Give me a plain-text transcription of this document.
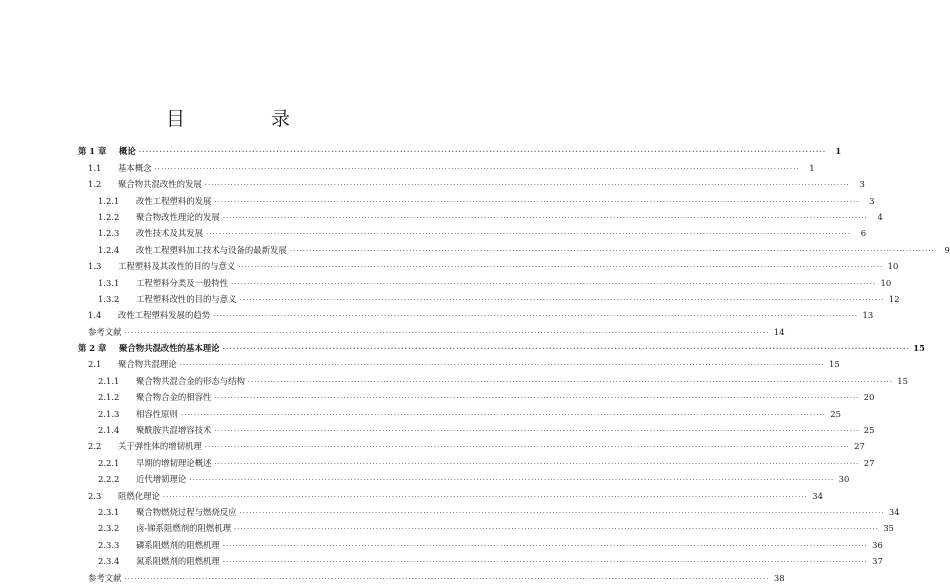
目 录
第 1 章	概论 ········································································································································································································	1
1.1	基本概念 ········································································································································································································	1
1.2	聚合物共混改性的发展 ········································································································································································································	3
1.2.1	改性工程塑料的发展 ········································································································································································································	3
1.2.2	聚合物改性理论的发展 ········································································································································································································	4
1.2.3	改性技术及其发展 ········································································································································································································	6
1.2.4	改性工程塑料加工技术与设备的最新发展 ········································································································································································································	9
1.3	工程塑料及其改性的目的与意义 ········································································································································································································ 10
1.3.1	工程塑料分类及一般特性 ········································································································································································································ 10
1.3.2	工程塑料改性的目的与意义 ········································································································································································································ 12
1.4	改性工程塑料发展的趋势 ········································································································································································································ 13
参考文献 ········································································································································································································ 14
第 2 章	聚合物共混改性的基本理论 ········································································································································································································ 15
2.1	聚合物共混理论 ········································································································································································································ 15
2.1.1	聚合物共混合金的形态与结构 ········································································································································································································ 15
2.1.2	聚合物合金的相容性 ········································································································································································································ 20
2.1.3	相容性原则 ········································································································································································································ 25
2.1.4	聚酰胺共混增容技术 ········································································································································································································ 25
2.2	关于弹性体的增韧机理 ········································································································································································································ 27
2.2.1	早期的增韧理论概述 ········································································································································································································ 27
2.2.2	近代增韧理论 ········································································································································································································ 30
2.3	阻燃化理论 ········································································································································································································ 34
2.3.1	聚合物燃烧过程与燃烧反应 ········································································································································································································ 34
2.3.2	卤-锑系阻燃剂的阻燃机理 ········································································································································································································ 35
2.3.3	磷系阻燃剂的阻燃机理 ········································································································································································································ 36
2.3.4	氮系阻燃剂的阻燃机理 ········································································································································································································ 37
参考文献 ········································································································································································································ 38
